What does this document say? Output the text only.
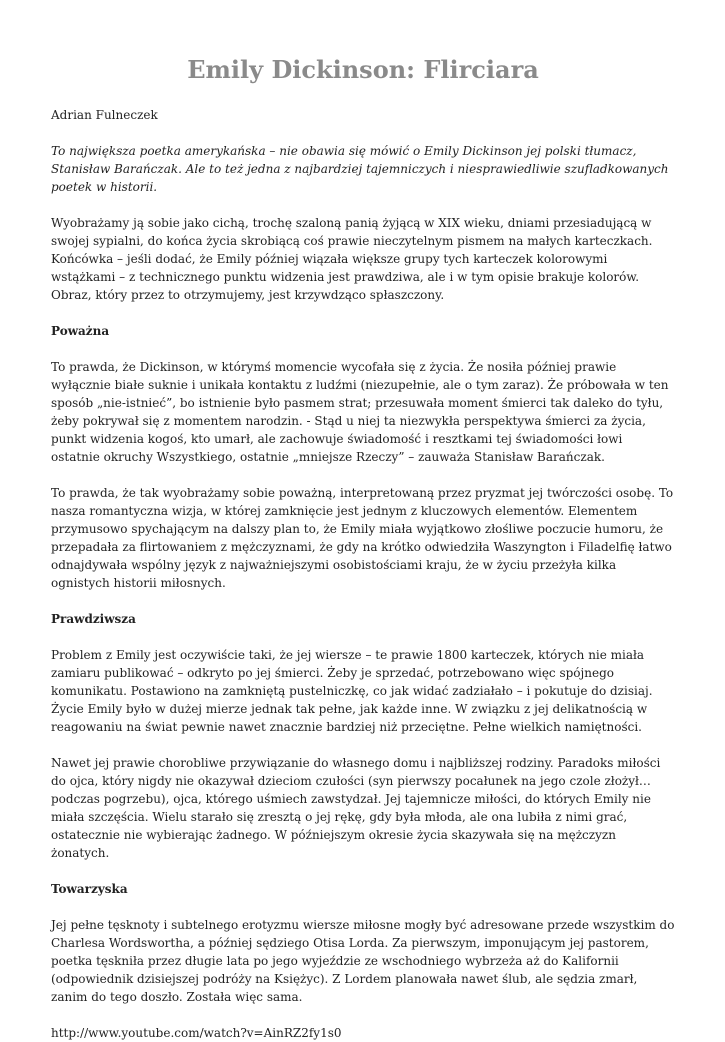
Emily Dickinson: Flirciara

Adrian Fulneczek

To największa poetka amerykańska – nie obawia się mówić o Emily Dickinson jej polski tłumacz, Stanisław Barańczak. Ale to też jedna z najbardziej tajemniczych i niesprawiedliwie szufladkowanych poetek w historii.

Wyobrażamy ją sobie jako cichą, trochę szaloną panią żyjącą w XIX wieku, dniami przesiadującą w swojej sypialni, do końca życia skrobiącą coś prawie nieczytelnym pismem na małych karteczkach. Końcówka – jeśli dodać, że Emily później wiązała większe grupy tych karteczek kolorowymi wstążkami – z technicznego punktu widzenia jest prawdziwa, ale i w tym opisie brakuje kolorów. Obraz, który przez to otrzymujemy, jest krzywdząco spłaszczony.

Poważna

To prawda, że Dickinson, w którymś momencie wycofała się z życia. Że nosiła później prawie wyłącznie białe suknie i unikała kontaktu z ludźmi (niezupełnie, ale o tym zaraz). Że próbowała w ten sposób „nie-istnieć”, bo istnienie było pasmem strat; przesuwała moment śmierci tak daleko do tyłu, żeby pokrywał się z momentem narodzin. - Stąd u niej ta niezwykła perspektywa śmierci za życia, punkt widzenia kogoś, kto umarł, ale zachowuje świadomość i resztkami tej świadomości łowi ostatnie okruchy Wszystkiego, ostatnie „mniejsze Rzeczy” – zauważa Stanisław Barańczak.

To prawda, że tak wyobrażamy sobie poważną, interpretowaną przez pryzmat jej twórczości osobę. To nasza romantyczna wizja, w której zamknięcie jest jednym z kluczowych elementów. Elementem przymusowo spychającym na dalszy plan to, że Emily miała wyjątkowo złośliwe poczucie humoru, że przepadała za flirtowaniem z mężczyznami, że gdy na krótko odwiedziła Waszyngton i Filadelfię łatwo odnajdywała wspólny język z najważniejszymi osobistościami kraju, że w życiu przeżyła kilka ognistych historii miłosnych.

Prawdziwsza

Problem z Emily jest oczywiście taki, że jej wiersze – te prawie 1800 karteczek, których nie miała zamiaru publikować – odkryto po jej śmierci. Żeby je sprzedać, potrzebowano więc spójnego komunikatu. Postawiono na zamkniętą pustelniczkę, co jak widać zadziałało – i pokutuje do dzisiaj. Życie Emily było w dużej mierze jednak tak pełne, jak każde inne. W związku z jej delikatnością w reagowaniu na świat pewnie nawet znacznie bardziej niż przeciętne. Pełne wielkich namiętności.

Nawet jej prawie chorobliwe przywiązanie do własnego domu i najbliższej rodziny. Paradoks miłości do ojca, który nigdy nie okazywał dzieciom czułości (syn pierwszy pocałunek na jego czole złożył… podczas pogrzebu), ojca, którego uśmiech zawstydzał. Jej tajemnicze miłości, do których Emily nie miała szczęścia. Wielu starało się zresztą o jej rękę, gdy była młoda, ale ona lubiła z nimi grać, ostatecznie nie wybierając żadnego. W późniejszym okresie życia skazywała się na mężczyzn żonatych.

Towarzyska

Jej pełne tęsknoty i subtelnego erotyzmu wiersze miłosne mogły być adresowane przede wszystkim do Charlesa Wordswortha, a później sędziego Otisa Lorda. Za pierwszym, imponującym jej pastorem, poetka tęskniła przez długie lata po jego wyjeździe ze wschodniego wybrzeża aż do Kalifornii (odpowiednik dzisiejszej podróży na Księżyc). Z Lordem planowała nawet ślub, ale sędzia zmarł, zanim do tego doszło. Została więc sama.

http://www.youtube.com/watch?v=AinRZ2fy1s0
